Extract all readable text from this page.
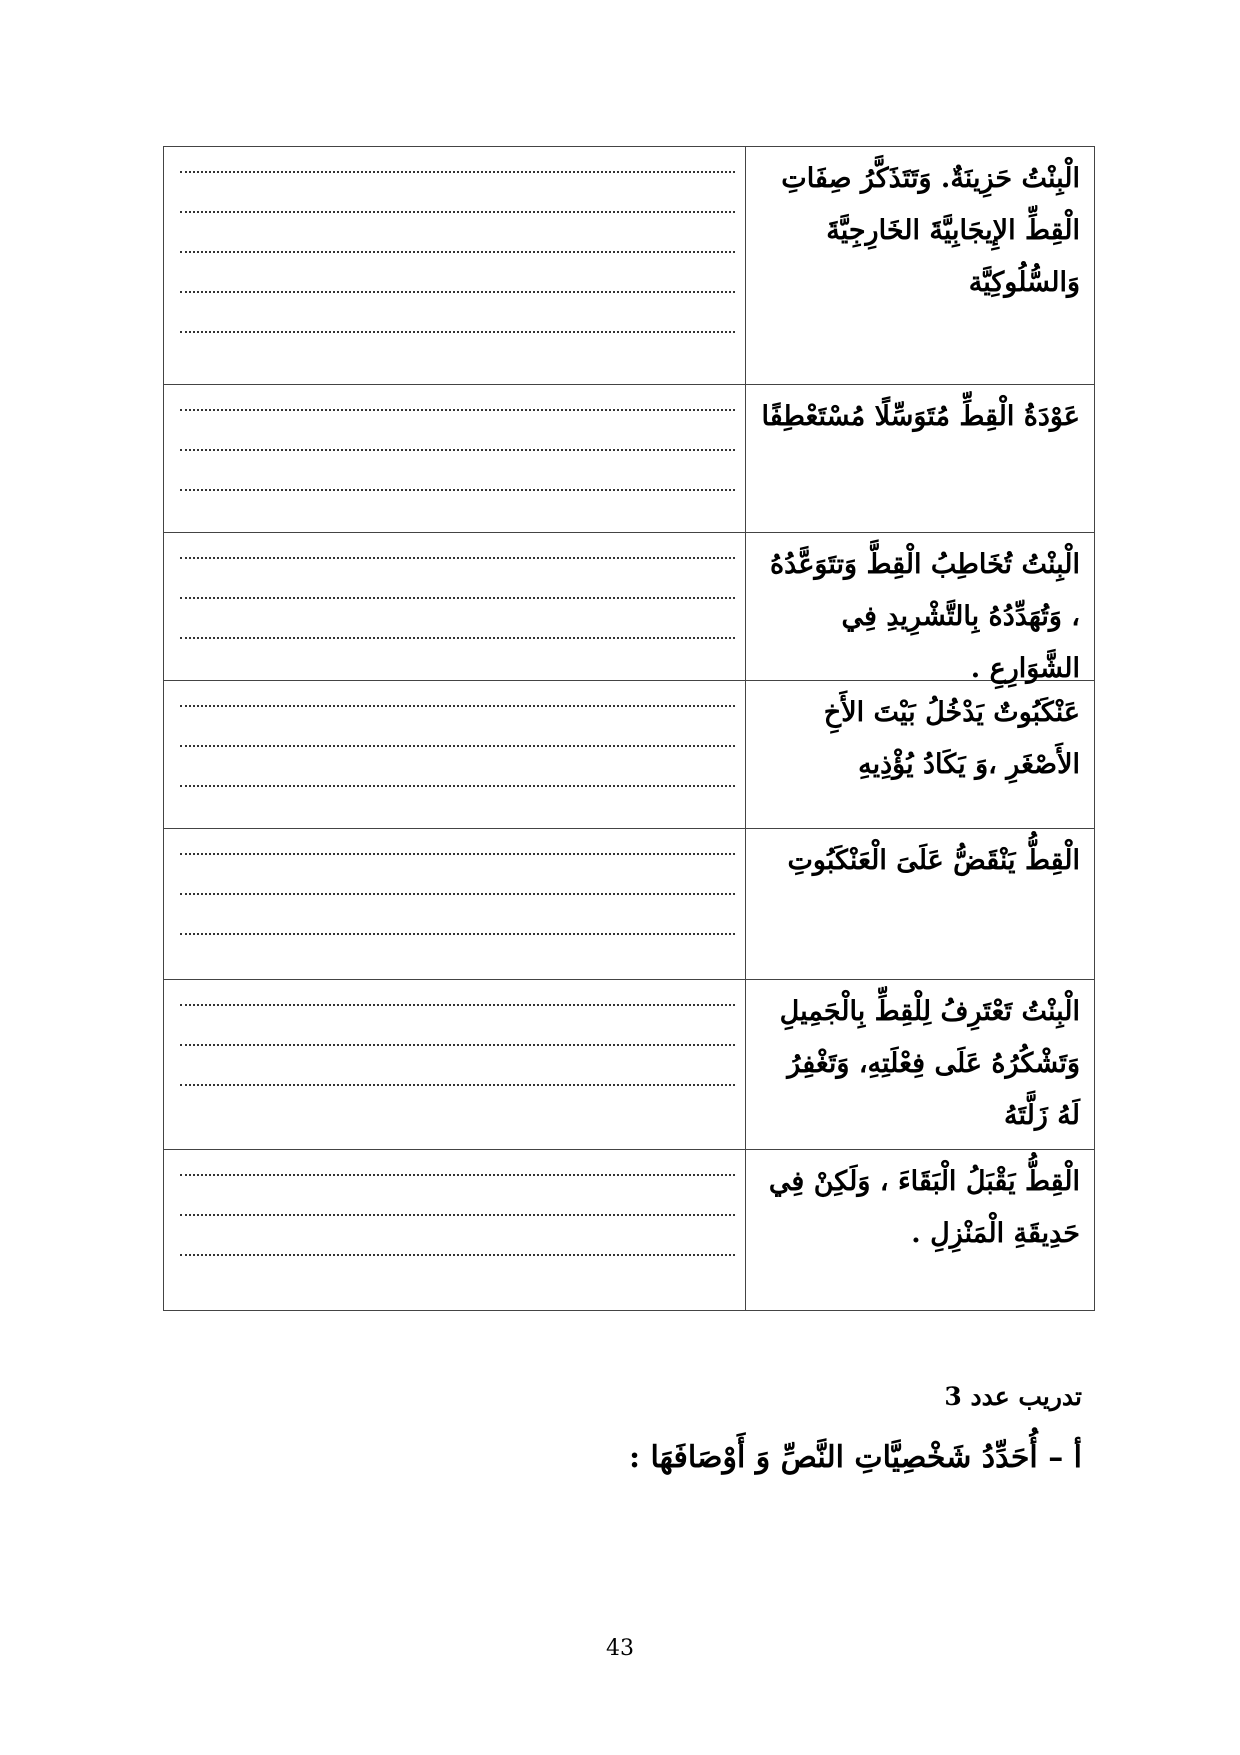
الْبِنْتُ حَزِينَةٌ. وَتَتَذَكَّرُ صِفَاتِ الْقِطِّ الإِيجَابِيَّةَ الخَارِجِيَّةَ وَالسُّلُوكِيَّة
عَوْدَةُ الْقِطِّ مُتَوَسِّلًا مُسْتَعْطِفًا
الْبِنْتُ تُخَاطِبُ الْقِطَّ وَتتَوَعَّدُهُ ، وَتُهَدِّدُهُ بِالتَّشْرِيدِ فِي الشَّوَارِعِ .
عَنْكَبُوتٌ يَدْخُلُ بَيْتَ الأَخِ الأَصْغَرِ ،وَ يَكَادُ يُؤْذِيهِ
الْقِطُّ يَنْقَضُّ عَلَىَ الْعَنْكَبُوتِ
الْبِنْتُ تَعْتَرِفُ لِلْقِطِّ بِالْجَمِيلِ وَتَشْكُرُهُ عَلَى فِعْلَتِهِ، وَتَغْفِرُ لَهُ زَلَّتَهُ
الْقِطُّ يَقْبَلُ الْبَقَاءَ ، وَلَكِنْ فِي حَدِيقَةِ الْمَنْزِلِ .
تدريب عدد 3
أ – أُحَدِّدُ شَخْصِيَّاتِ النَّصِّ وَ أَوْصَافَهَا :
43
